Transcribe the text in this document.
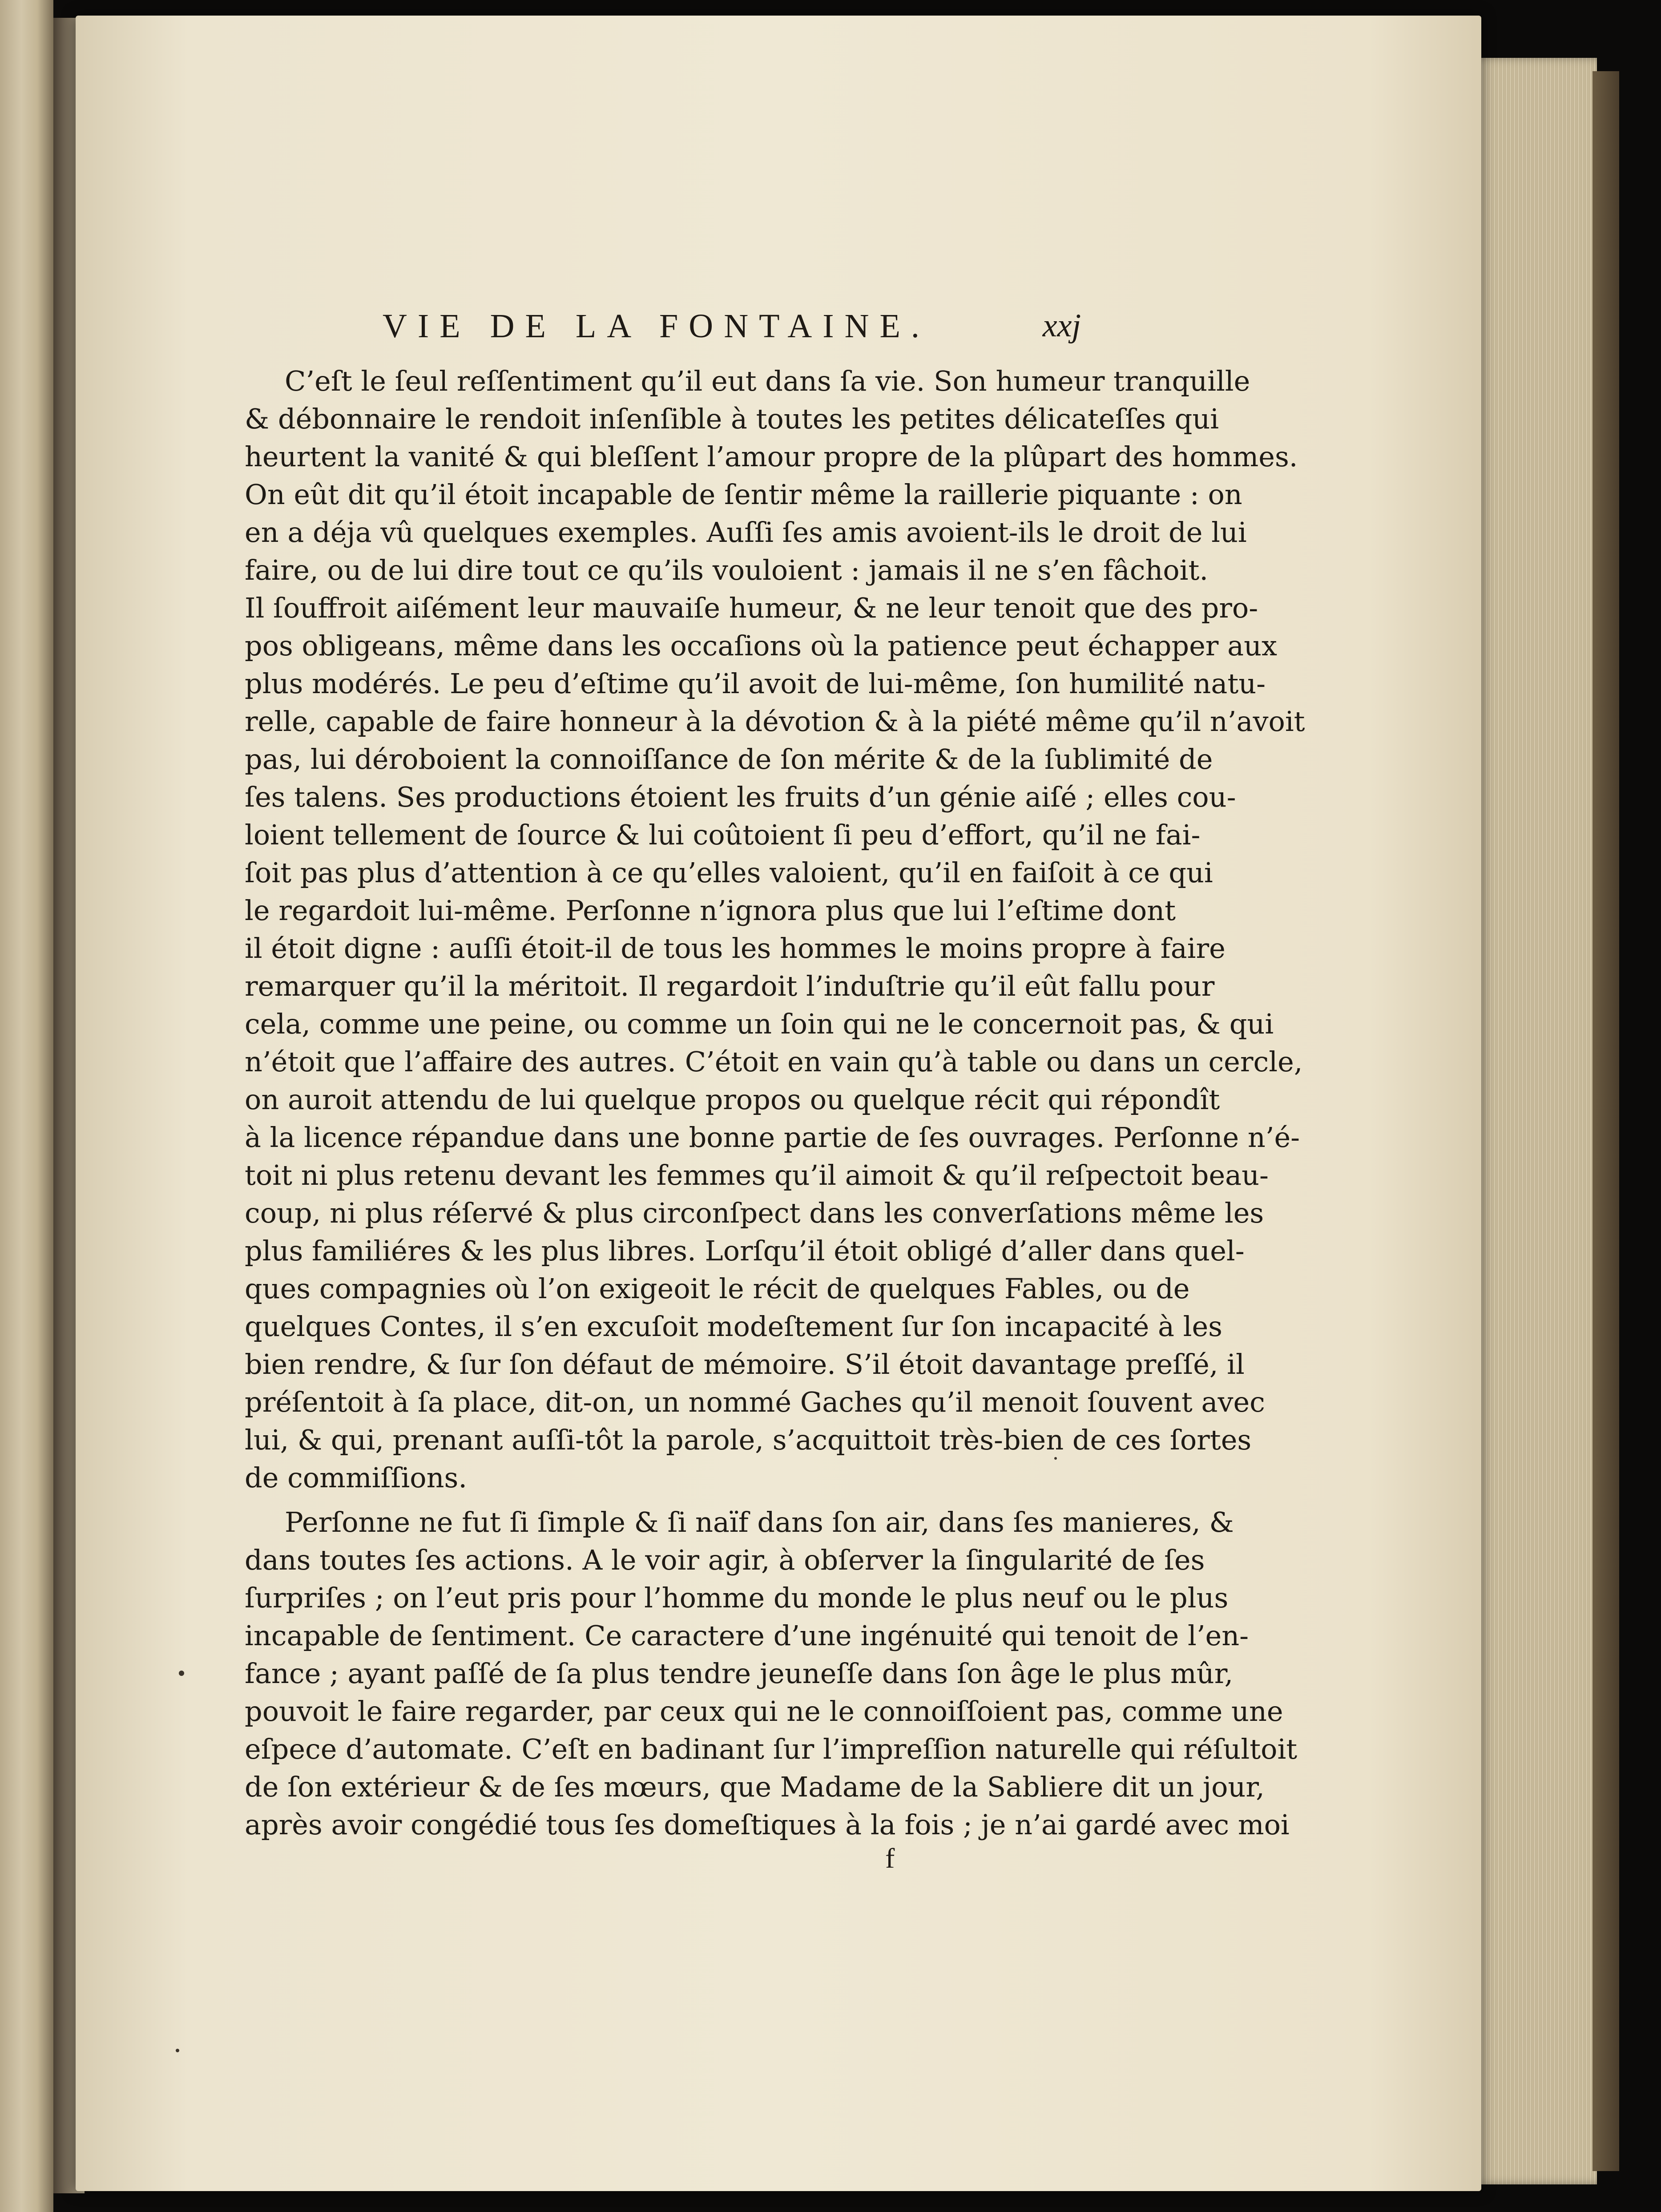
VIE DE LA FONTAINE.	xxj
C’eſt le ſeul reſſentiment qu’il eut dans ſa vie. Son humeur tranquille
& débonnaire le rendoit inſenſible à toutes les petites délicateſſes qui
heurtent la vanité & qui bleſſent l’amour propre de la plûpart des hommes.
On eût dit qu’il étoit incapable de ſentir même la raillerie piquante : on
en a déja vû quelques exemples. Auſſi ſes amis avoient-ils le droit de lui
faire, ou de lui dire tout ce qu’ils vouloient : jamais il ne s’en fâchoit.
Il ſouffroit aiſément leur mauvaiſe humeur, & ne leur tenoit que des pro-
pos obligeans, même dans les occaſions où la patience peut échapper aux
plus modérés. Le peu d’eſtime qu’il avoit de lui-même, ſon humilité natu-
relle, capable de faire honneur à la dévotion & à la piété même qu’il n’avoit
pas, lui déroboient la connoiſſance de ſon mérite & de la ſublimité de
ſes talens. Ses productions étoient les fruits d’un génie aiſé ; elles cou-
loient tellement de ſource & lui coûtoient ſi peu d’effort, qu’il ne fai-
ſoit pas plus d’attention à ce qu’elles valoient, qu’il en faiſoit à ce qui
le regardoit lui-même. Perſonne n’ignora plus que lui l’eſtime dont
il étoit digne : auſſi étoit-il de tous les hommes le moins propre à faire
remarquer qu’il la méritoit. Il regardoit l’induſtrie qu’il eût fallu pour
cela, comme une peine, ou comme un ſoin qui ne le concernoit pas, & qui
n’étoit que l’affaire des autres. C’étoit en vain qu’à table ou dans un cercle,
on auroit attendu de lui quelque propos ou quelque récit qui répondît
à la licence répandue dans une bonne partie de ſes ouvrages. Perſonne n’é-
toit ni plus retenu devant les femmes qu’il aimoit & qu’il reſpectoit beau-
coup, ni plus réſervé & plus circonſpect dans les converſations même les
plus familiéres & les plus libres. Lorſqu’il étoit obligé d’aller dans quel-
ques compagnies où l’on exigeoit le récit de quelques Fables, ou de
quelques Contes, il s’en excuſoit modeſtement ſur ſon incapacité à les
bien rendre, & ſur ſon défaut de mémoire. S’il étoit davantage preſſé, il
préſentoit à ſa place, dit-on, un nommé Gaches qu’il menoit ſouvent avec
lui, & qui, prenant auſſi-tôt la parole, s’acquittoit très-bien de ces ſortes
de commiſſions.
Perſonne ne fut ſi ſimple & ſi naïf dans ſon air, dans ſes manieres, &
dans toutes ſes actions. A le voir agir, à obſerver la ſingularité de ſes
ſurpriſes ; on l’eut pris pour l’homme du monde le plus neuf ou le plus
incapable de ſentiment. Ce caractere d’une ingénuité qui tenoit de l’en-
fance ; ayant paſſé de ſa plus tendre jeuneſſe dans ſon âge le plus mûr,
pouvoit le faire regarder, par ceux qui ne le connoiſſoient pas, comme une
eſpece d’automate. C’eſt en badinant ſur l’impreſſion naturelle qui réſultoit
de ſon extérieur & de ſes mœurs, que Madame de la Sabliere dit un jour,
après avoir congédié tous ſes domeſtiques à la fois ; je n’ai gardé avec moi
f
